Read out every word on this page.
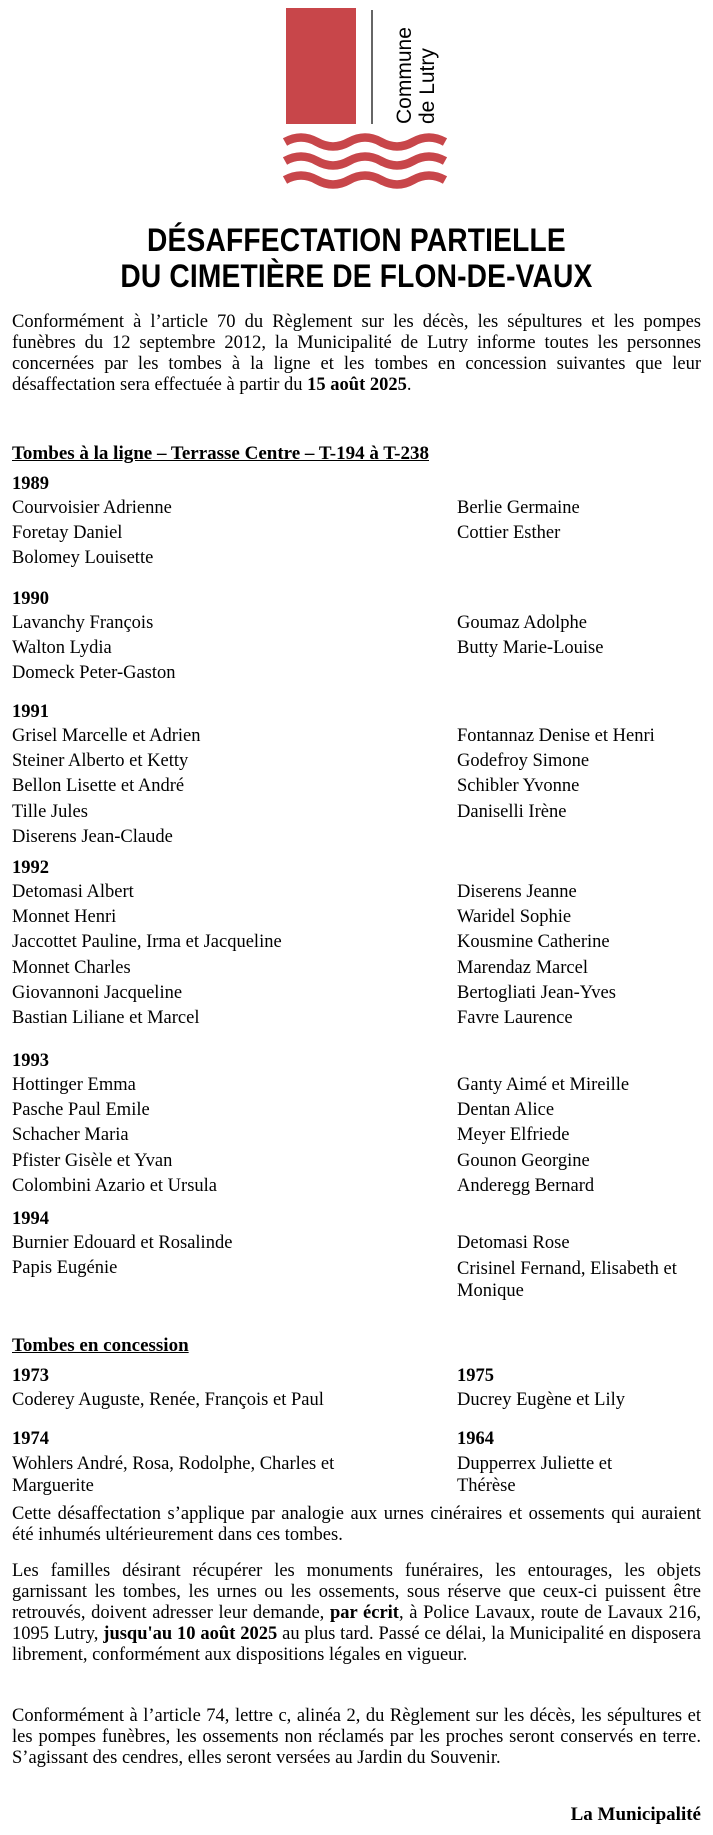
Commune de Lutry
DÉSAFFECTATION PARTIELLE
DU CIMETIÈRE DE FLON-DE-VAUX
Conformément à l’article 70 du Règlement sur les décès, les sépultures et les pompes funèbres du 12 septembre 2012, la Municipalité de Lutry informe toutes les personnes concernées par les tombes à la ligne et les tombes en concession suivantes que leur désaffectation sera effectuée à partir du 15 août 2025.
Tombes à la ligne – Terrasse Centre – T-194 à T-238
1989
Courvoisier Adrienne
Foretay Daniel
Bolomey Louisette
Berlie Germaine
Cottier Esther
1990
Lavanchy François
Walton Lydia
Domeck Peter-Gaston
Goumaz Adolphe
Butty Marie-Louise
1991
Grisel Marcelle et Adrien
Steiner Alberto et Ketty
Bellon Lisette et André
Tille Jules
Diserens Jean-Claude
Fontannaz Denise et Henri
Godefroy Simone
Schibler Yvonne
Daniselli Irène
1992
Detomasi Albert
Monnet Henri
Jaccottet Pauline, Irma et Jacqueline
Monnet Charles
Giovannoni Jacqueline
Bastian Liliane et Marcel
Diserens Jeanne
Waridel Sophie
Kousmine Catherine
Marendaz Marcel
Bertogliati Jean-Yves
Favre Laurence
1993
Hottinger Emma
Pasche Paul Emile
Schacher Maria
Pfister Gisèle et Yvan
Colombini Azario et Ursula
Ganty Aimé et Mireille
Dentan Alice
Meyer Elfriede
Gounon Georgine
Anderegg Bernard
1994
Burnier Edouard et Rosalinde
Papis Eugénie
Detomasi Rose
Crisinel Fernand, Elisabeth et Monique
Tombes en concession
1973
Coderey Auguste, Renée, François et Paul
1975
Ducrey Eugène et Lily
1974
Wohlers André, Rosa, Rodolphe, Charles et Marguerite
1964
Dupperrex Juliette et Thérèse
Cette désaffectation s’applique par analogie aux urnes cinéraires et ossements qui auraient été inhumés ultérieurement dans ces tombes.
Les familles désirant récupérer les monuments funéraires, les entourages, les objets garnissant les tombes, les urnes ou les ossements, sous réserve que ceux-ci puissent être retrouvés, doivent adresser leur demande, par écrit, à Police Lavaux, route de Lavaux 216, 1095 Lutry, jusqu'au 10 août 2025 au plus tard. Passé ce délai, la Municipalité en disposera librement, conformément aux dispositions légales en vigueur.
Conformément à l’article 74, lettre c, alinéa 2, du Règlement sur les décès, les sépultures et les pompes funèbres, les ossements non réclamés par les proches seront conservés en terre. S’agissant des cendres, elles seront versées au Jardin du Souvenir.
La Municipalité
